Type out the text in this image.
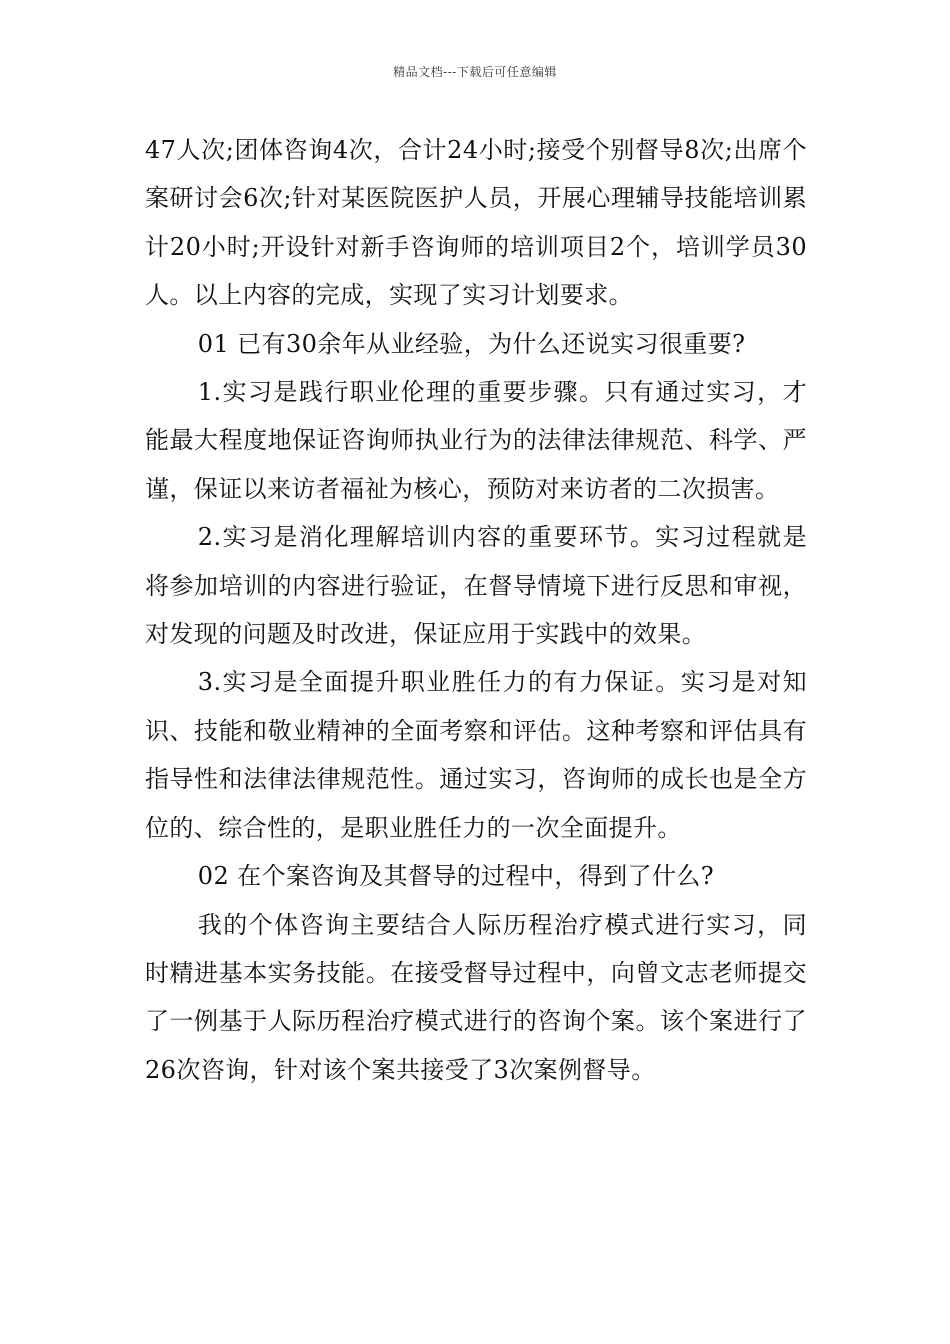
精品文档---下载后可任意编辑

47人次;团体咨询4次，合计24小时;接受个别督导8次;出席个案研讨会6次;针对某医院医护人员，开展心理辅导技能培训累计20小时;开设针对新手咨询师的培训项目2个，培训学员30人。以上内容的完成，实现了实习计划要求。

01 已有30余年从业经验，为什么还说实习很重要?

1.实习是践行职业伦理的重要步骤。只有通过实习，才能最大程度地保证咨询师执业行为的法律法律规范、科学、严谨，保证以来访者福祉为核心，预防对来访者的二次损害。

2.实习是消化理解培训内容的重要环节。实习过程就是将参加培训的内容进行验证，在督导情境下进行反思和审视，对发现的问题及时改进，保证应用于实践中的效果。

3.实习是全面提升职业胜任力的有力保证。实习是对知识、技能和敬业精神的全面考察和评估。这种考察和评估具有指导性和法律法律规范性。通过实习，咨询师的成长也是全方位的、综合性的，是职业胜任力的一次全面提升。

02 在个案咨询及其督导的过程中，得到了什么?

我的个体咨询主要结合人际历程治疗模式进行实习，同时精进基本实务技能。在接受督导过程中，向曾文志老师提交了一例基于人际历程治疗模式进行的咨询个案。该个案进行了26次咨询，针对该个案共接受了3次案例督导。
